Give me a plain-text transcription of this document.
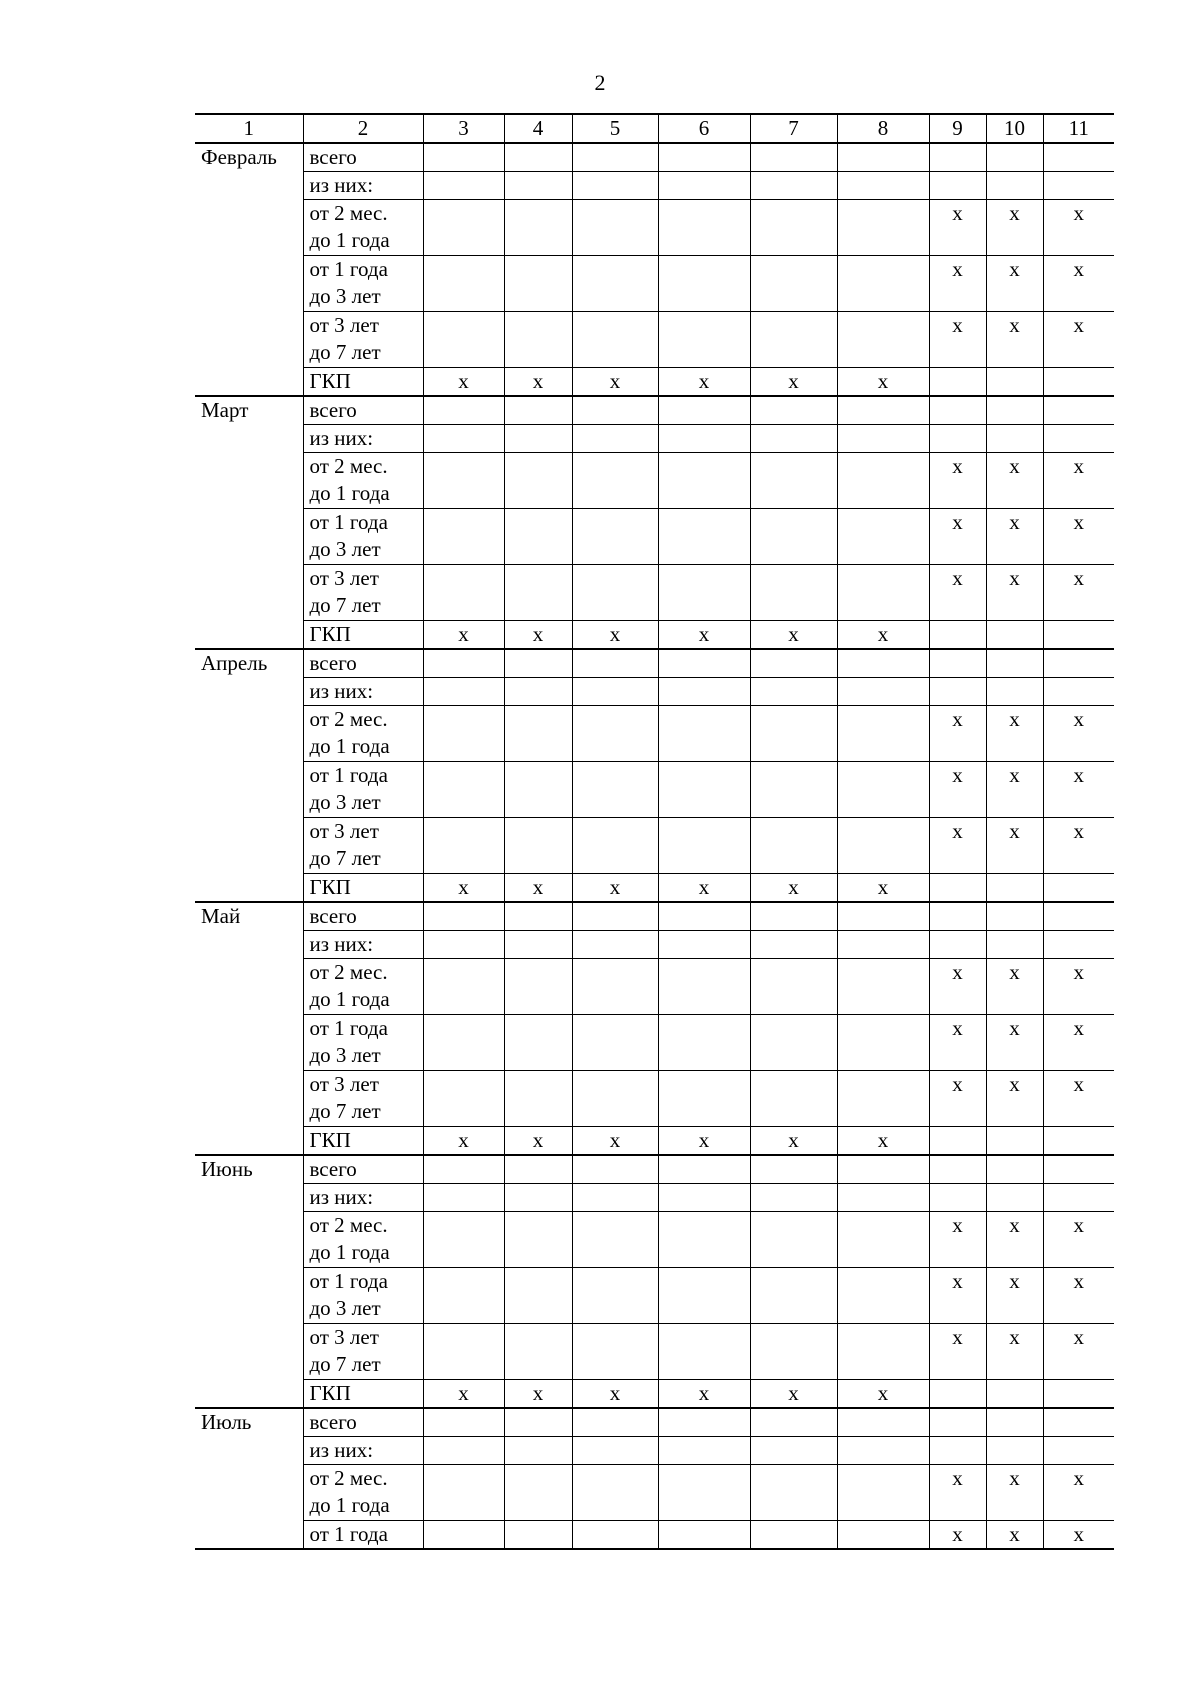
2
1	2	3	4	5	6	7	8	9	10	11
Февраль	всего									

	из них:									

	от 2 мес.
до 1 года							х	х	х

	от 1 года
до 3 лет							х	х	х

	от 3 лет
до 7 лет							х	х	х

	ГКП	х	х	х	х	х	х			
Март	всего									

	из них:									

	от 2 мес.
до 1 года							х	х	х

	от 1 года
до 3 лет							х	х	х

	от 3 лет
до 7 лет							х	х	х

	ГКП	х	х	х	х	х	х			
Апрель	всего									

	из них:									

	от 2 мес.
до 1 года							х	х	х

	от 1 года
до 3 лет							х	х	х

	от 3 лет
до 7 лет							х	х	х

	ГКП	х	х	х	х	х	х			
Май	всего									

	из них:									

	от 2 мес.
до 1 года							х	х	х

	от 1 года
до 3 лет							х	х	х

	от 3 лет
до 7 лет							х	х	х

	ГКП	х	х	х	х	х	х			
Июнь	всего									

	из них:									

	от 2 мес.
до 1 года							х	х	х

	от 1 года
до 3 лет							х	х	х

	от 3 лет
до 7 лет							х	х	х

	ГКП	х	х	х	х	х	х			
Июль	всего									

	из них:									

	от 2 мес.
до 1 года							х	х	х

	от 1 года							х	х	х
